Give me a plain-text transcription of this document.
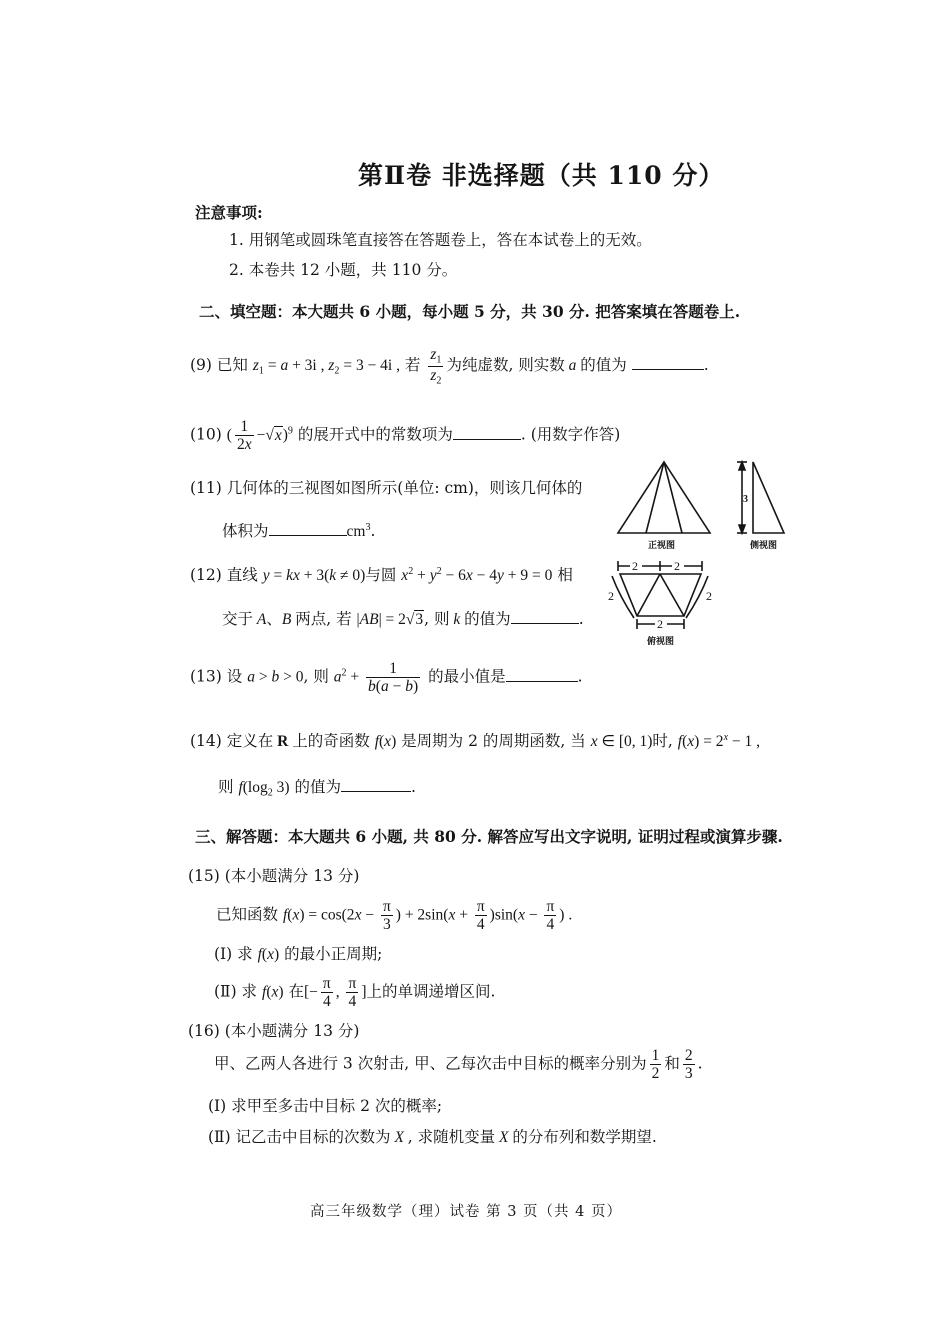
第Ⅱ卷 非选择题（共 110 分）
注意事项:
1. 用钢笔或圆珠笔直接答在答题卷上，答在本试卷上的无效。
2. 本卷共 12 小题，共 110 分。
二、填空题：本大题共 6 小题，每小题 5 分，共 30 分. 把答案填在答题卷上.
(9) 已知 $z_1 = a + 3i$ , $z_2 = 3 - 4i$ , 若 $\frac{z_1}{z_2}$ 为纯虚数, 则实数 a 的值为	.
(10) ( $\frac{1}{2x} -√x)^9$ 的展开式中的常数项为	. (用数字作答)
(11) 几何体的三视图如图所示(单位: cm)，则该几何体的
体积为	$cm^3$.
(12) 直线 y = kx + 3(k ≠ 0)与圆 $x^2 + y^2 - 6x - 4y + 9 = 0$ 相
交于 A、B 两点, 若 |AB| = 2√3, 则 k 的值为	.
3
2	2
2
2	2
正视图	侧视图
俯视图
(13) 设 a > b > 0, 则 $a^2 + \frac{1}{b(a - b)}$ 的最小值是	.
(14) 定义在 R 上的奇函数 f(x) 是周期为 2 的周期函数, 当 x ∈ [0, 1)时, $f(x) = 2^x - 1$ ,
则 $f(\log_2$ 3) 的值为	.
三、解答题：本大题共 6 小题, 共 80 分. 解答应写出文字说明, 证明过程或演算步骤.
(15) (本小题满分 13 分)
已知函数 $f(x) = \cos(2x - \frac{\pi}{3}$ ) + $2\sin(x + \frac{\pi}{4} )\sin(x - \frac{\pi}{4}$ ) .
(Ⅰ) 求 f(x) 的最小正周期;
(Ⅱ) 求 f(x) 在[− $\frac{\pi}{4}$ , $\frac{\pi}{4}$ ]上的单调递增区间.
(16) (本小题满分 13 分)
甲、乙两人各进行 3 次射击, 甲、乙每次击中目标的概率分别为 $\frac{1}{2}$ 和 $\frac{2}{3}$ .
(Ⅰ) 求甲至多击中目标 2 次的概率;
(Ⅱ) 记乙击中目标的次数为 X , 求随机变量 X 的分布列和数学期望.
高三年级数学（理）试卷 第 3 页（共 4 页）
